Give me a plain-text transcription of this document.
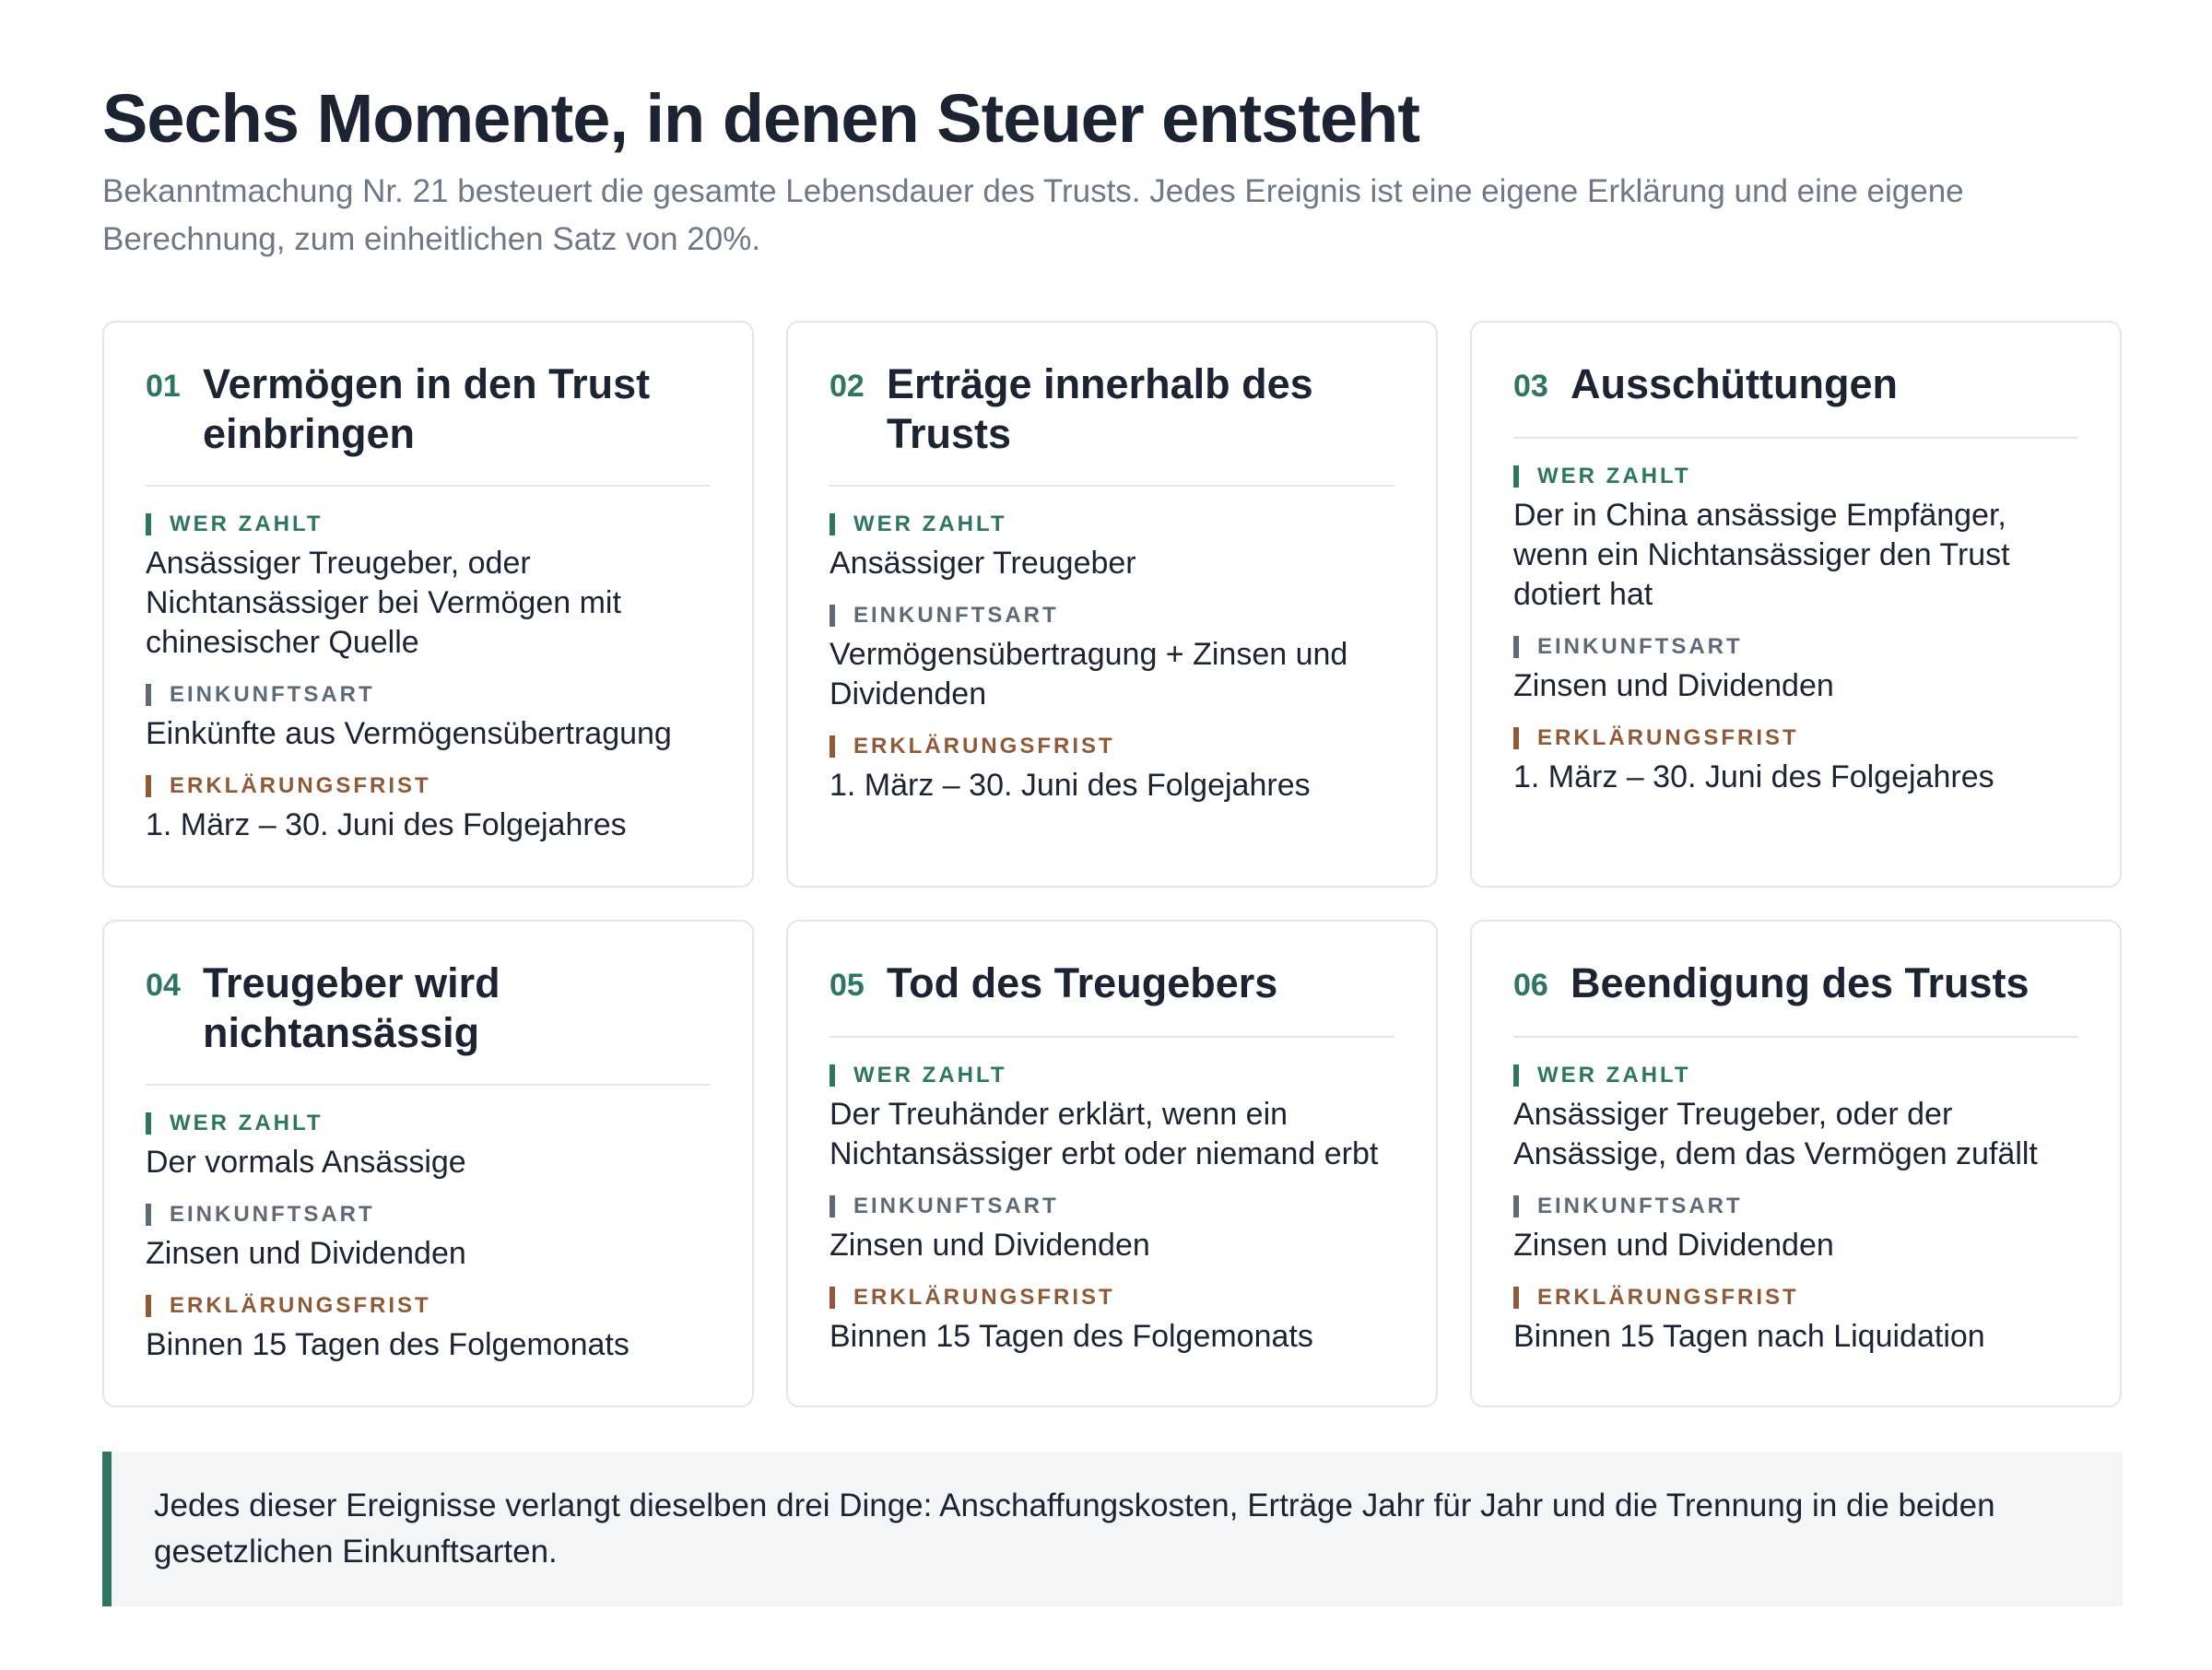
Sechs Momente, in denen Steuer entsteht

Bekanntmachung Nr. 21 besteuert die gesamte Lebensdauer des Trusts. Jedes Ereignis ist eine eigene Erklärung und eine eigene Berechnung, zum einheitlichen Satz von 20%.

01 Vermögen in den Trust einbringen
WER ZAHLT
Ansässiger Treugeber, oder Nichtansässiger bei Vermögen mit chinesischer Quelle
EINKUNFTSART
Einkünfte aus Vermögensübertragung
ERKLÄRUNGSFRIST
1. März – 30. Juni des Folgejahres
02 Erträge innerhalb des Trusts
WER ZAHLT
Ansässiger Treugeber
EINKUNFTSART
Vermögensübertragung + Zinsen und Dividenden
ERKLÄRUNGSFRIST
1. März – 30. Juni des Folgejahres
03 Ausschüttungen
WER ZAHLT
Der in China ansässige Empfänger, wenn ein Nichtansässiger den Trust dotiert hat
EINKUNFTSART
Zinsen und Dividenden
ERKLÄRUNGSFRIST
1. März – 30. Juni des Folgejahres
04 Treugeber wird nichtansässig
WER ZAHLT
Der vormals Ansässige
EINKUNFTSART
Zinsen und Dividenden
ERKLÄRUNGSFRIST
Binnen 15 Tagen des Folgemonats
05 Tod des Treugebers
WER ZAHLT
Der Treuhänder erklärt, wenn ein Nichtansässiger erbt oder niemand erbt
EINKUNFTSART
Zinsen und Dividenden
ERKLÄRUNGSFRIST
Binnen 15 Tagen des Folgemonats
06 Beendigung des Trusts
WER ZAHLT
Ansässiger Treugeber, oder der Ansässige, dem das Vermögen zufällt
EINKUNFTSART
Zinsen und Dividenden
ERKLÄRUNGSFRIST
Binnen 15 Tagen nach Liquidation
Jedes dieser Ereignisse verlangt dieselben drei Dinge: Anschaffungskosten, Erträge Jahr für Jahr und die Trennung in die beiden gesetzlichen Einkunftsarten.
